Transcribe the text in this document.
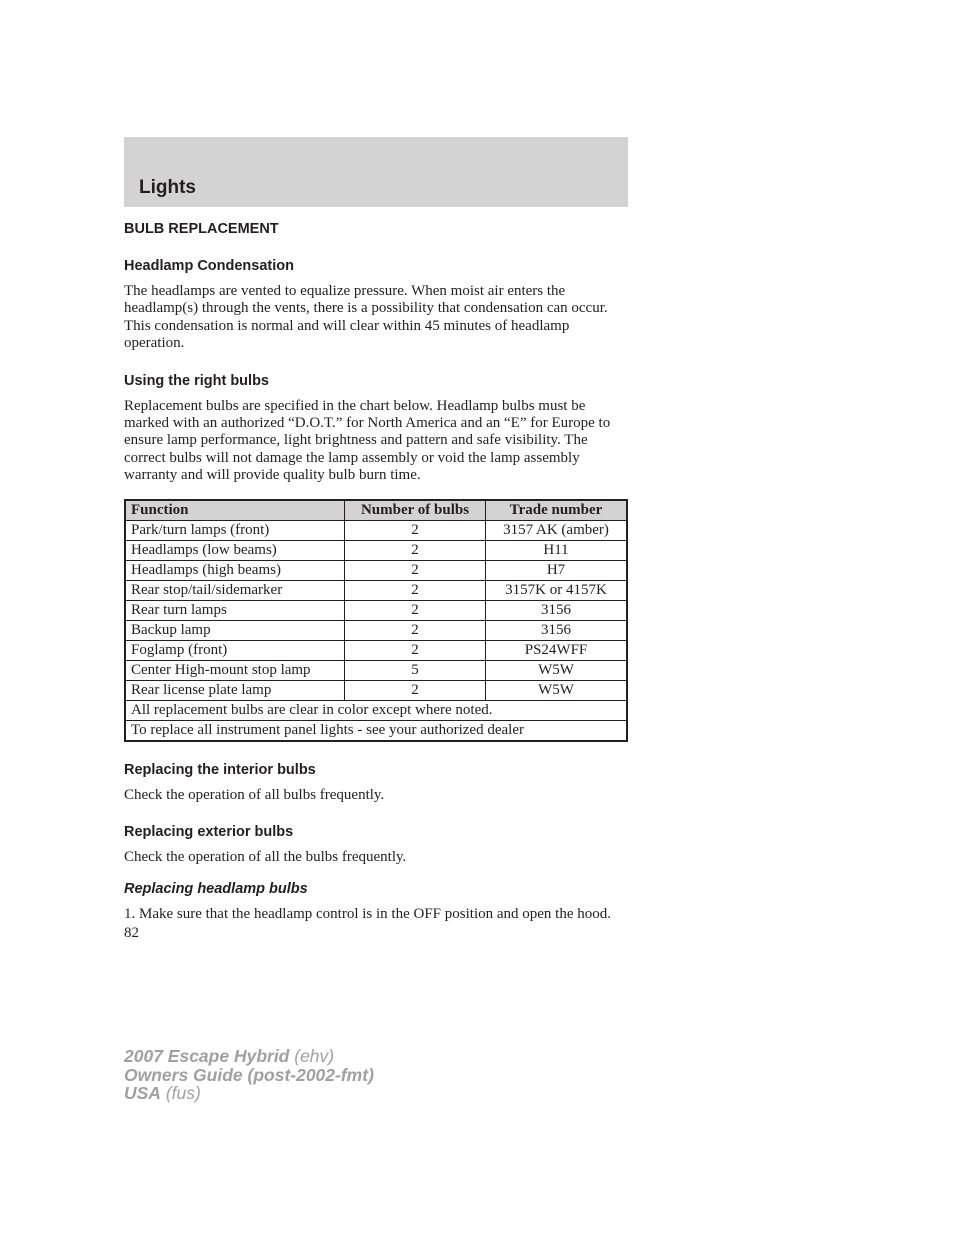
Lights
BULB REPLACEMENT
Headlamp Condensation

The headlamps are vented to equalize pressure. When moist air enters the headlamp(s) through the vents, there is a possibility that condensation can occur. This condensation is normal and will clear within 45 minutes of headlamp operation.

Using the right bulbs

Replacement bulbs are specified in the chart below. Headlamp bulbs must be marked with an authorized “D.O.T.” for North America and an “E” for Europe to ensure lamp performance, light brightness and pattern and safe visibility. The correct bulbs will not damage the lamp assembly or void the lamp assembly warranty and will provide quality bulb burn time.

Function	Number of bulbs	Trade number
Park/turn lamps (front)	2	3157 AK (amber)
Headlamps (low beams)	2	H11
Headlamps (high beams)	2	H7
Rear stop/tail/sidemarker	2	3157K or 4157K
Rear turn lamps	2	3156
Backup lamp	2	3156
Foglamp (front)	2	PS24WFF
Center High-mount stop lamp	5	W5W
Rear license plate lamp	2	W5W
All replacement bulbs are clear in color except where noted.		
To replace all instrument panel lights - see your authorized dealer		
Replacing the interior bulbs

Check the operation of all bulbs frequently.

Replacing exterior bulbs

Check the operation of all the bulbs frequently.

Replacing headlamp bulbs

1. Make sure that the headlamp control is in the OFF position and open the hood.

82

2007 Escape Hybrid (ehv)
Owners Guide (post-2002-fmt)
USA (fus)
